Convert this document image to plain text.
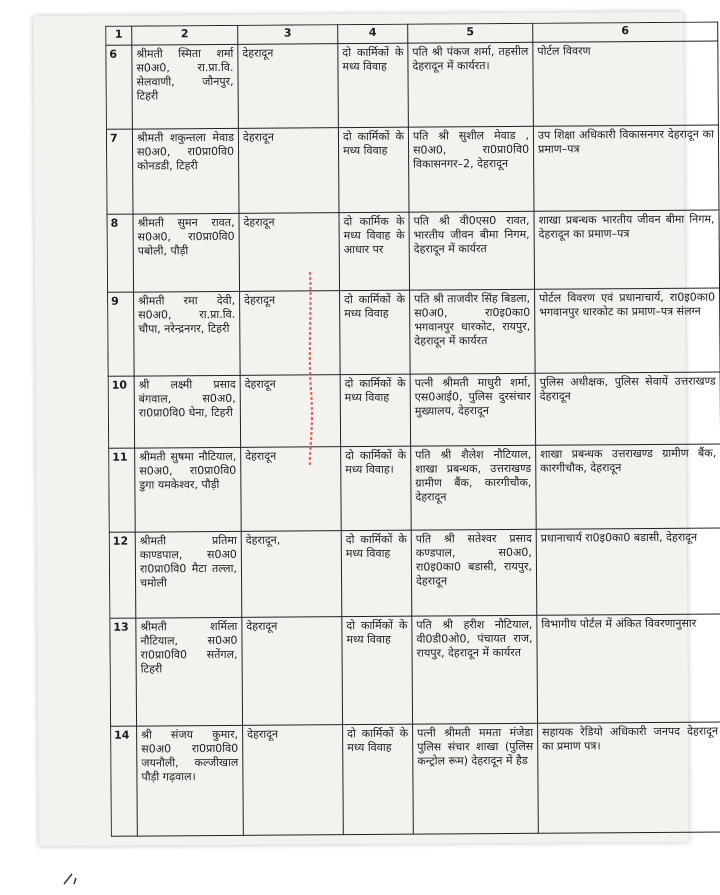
1	2	3	4	5	6
6	श्रीमती स्मिता शर्मा स0अ0, रा.प्रा.वि. सेलवाणी, जौनपुर, टिहरी	देहरादून	दो कार्मिकों के मध्य विवाह	पति श्री पंकज शर्मा, तहसील देहरादून में कार्यरत।	पोर्टल विवरण
7	श्रीमती शकुन्तला मेवाड स0अ0, रा0प्रा0वि0 कोनडडी, टिहरी	देहरादून	दो कार्मिकों के मध्य विवाह	पति श्री सुशील मेवाड , स0अ0, रा0प्रा0वि0 विकासनगर–2, देहरादून	उप शिक्षा अधिकारी विकासनगर देहरादून का प्रमाण–पत्र
8	श्रीमती सुमन रावत, स0अ0, रा0प्रा0वि0 पबोली, पौड़ी	देहरादून	दो कार्मिक के मध्य विवाह के आधार पर	पति श्री वी0एस0 रावत, भारतीय जीवन बीमा निगम, देहरादून में कार्यरत	शाखा प्रबन्धक भारतीय जीवन बीमा निगम, देहरादून का प्रमाण–पत्र
9	श्रीमती रमा देवी, स0अ0, रा.प्रा.वि. चौपा, नरेन्द्रनगर, टिहरी	देहरादून	दो कार्मिकों के मध्य विवाह	पति श्री ताजवीर सिंह बिडला, स0अ0, रा0इ0का0 भगवानपुर धारकोट, रायपुर, देहरादून में कार्यरत	पोर्टल विवरण एवं प्रधानाचार्य, रा0इ0का0 भगवानपुर धारकोट का प्रमाण–पत्र संलग्न
10	श्री लक्ष्मी प्रसाद बंगवाल, स0अ0, रा0प्रा0वि0 घेना, टिहरी	देहरादून	दो कार्मिकों के मध्य विवाह	पत्नी श्रीमती माधुरी शर्मा, एस0आई0, पुलिस दुरसंचार मुख्यालय, देहरादून	पुलिस अधीक्षक, पुलिस सेवायें उत्तराखण्ड देहरादून
11	श्रीमती सुषमा नौटियाल, स0अ0, रा0प्रा0वि0 डुगा यमकेश्वर, पौड़ी	देहरादून	दो कार्मिकों के मध्य विवाह।	पति श्री शैलेश नौटियाल, शाखा प्रबन्धक, उत्तराखण्ड ग्रामीण बैंक, कारगीचौक, देहरादून	शाखा प्रबन्धक उत्तराखण्ड ग्रामीण बैंक, कारगीचौक, देहरादून
12	श्रीमती प्रतिमा काण्डपाल, स0अ0 रा0प्रा0वि0 मैटा तल्ला, चमोली	देहरादून,	दो कार्मिकों के मध्य विवाह	पति श्री सतेश्वर प्रसाद कण्डपाल, स0अ0, रा0इ0का0 बडासी, रायपुर, देहरादून	प्रधानाचार्य रा0इ0का0 बडासी, देहरादून
13	श्रीमती शर्मिला नौटियाल, स0अ0 रा0प्रा0वि0 सतेंगल, टिहरी	देहरादून	दो कार्मिकों के मध्य विवाह	पति श्री हरीश नौटियाल, वी0डी0ओ0, पंचायत राज, रायपुर, देहरादून में कार्यरत	विभागीय पोर्टल में अंकित विवरणानुसार
14	श्री संजय कुमार, स0अ0 रा0प्रा0वि0 जयनौली, कल्जीखाल पौड़ी गढ़वाल।	देहरादून	दो कार्मिकों के मध्य विवाह	पत्नी श्रीमती ममता मंजेडा पुलिस संचार शाखा (पुलिस कन्ट्रोल रूम) देहरादून में हैड	सहायक रेडियो अधिकारी जनपद देहरादून का प्रमाण पत्र।
